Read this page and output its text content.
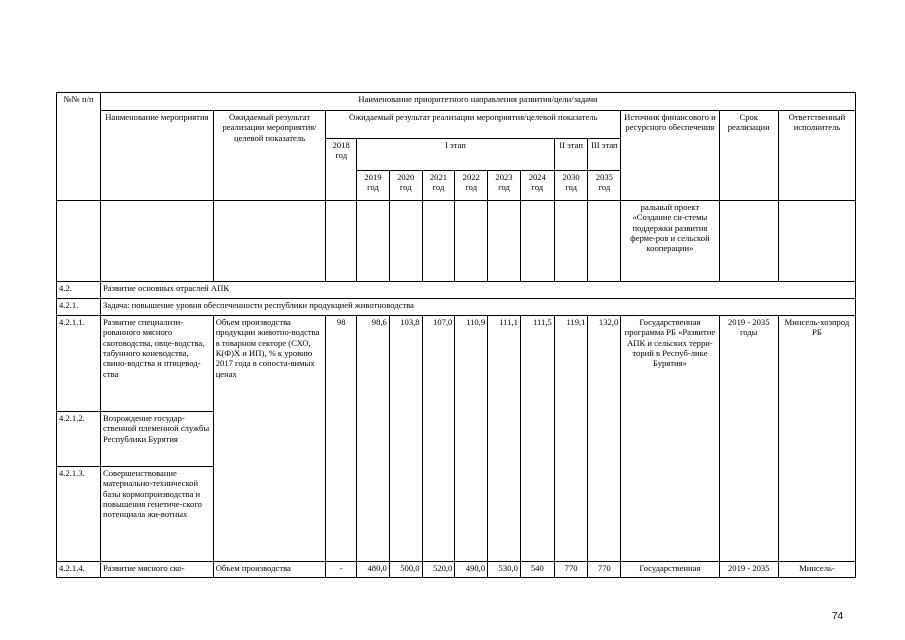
№№ п/п	Наименование приоритетного направления развития/цели/задачи													
	Наименование мероприятия	Ожидаемый результат реализации мероприятия/целевой показатель	Ожидаемый результат реализации мероприятия/целевой показатель									Источник финансового и ресурсного обеспечения	Срок реализации	Ответственный исполнитель
			2018 год	I этап						II этап	III этап			
				2019 год	2020 год	2021 год	2022 год	2023 год	2024 год	2030 год	2035 год			
												ральный проект «Создание си-стемы поддержки развития ферме-ров и сельской кооперации»		
4.2.	Развитие основных отраслей АПК													
4.2.1.	Задача: повышение уровня обеспеченности республики продукцией животноводства													
4.2.1.1.	Развитие специализи-рованного мясного скотоводства, овце-водства, табунного коневодства, свино-водства и птицевод-ства	Объем производства продукции животно-водства в товарном секторе (СХО, К(Ф)Х и ИП), % к уровню 2017 года в сопоста-вимых ценах	98	98,6	103,8	107,0	110,9	111,1	111,5	119,1	132,0	Государственная программа РБ «Развитие АПК и сельских терри-торий в Респуб-лике Бурятия»	2019 - 2035 годы	Минсель-хозпрод РБ
4.2.1.2.	Возрождение государ-ственной племенной службы Республики Бурятия													
4.2.1.3.	Совершенствование материально-технической базы кормопроизводства и повышения генетиче-ского потенциала жи-вотных													
4.2.1.4.	Развитие мясного ско-	Объем производства	-	480,0	500,0	520,0	490,0	530,0	540	770	770	Государственная	2019 - 2035	Минсель-
74
